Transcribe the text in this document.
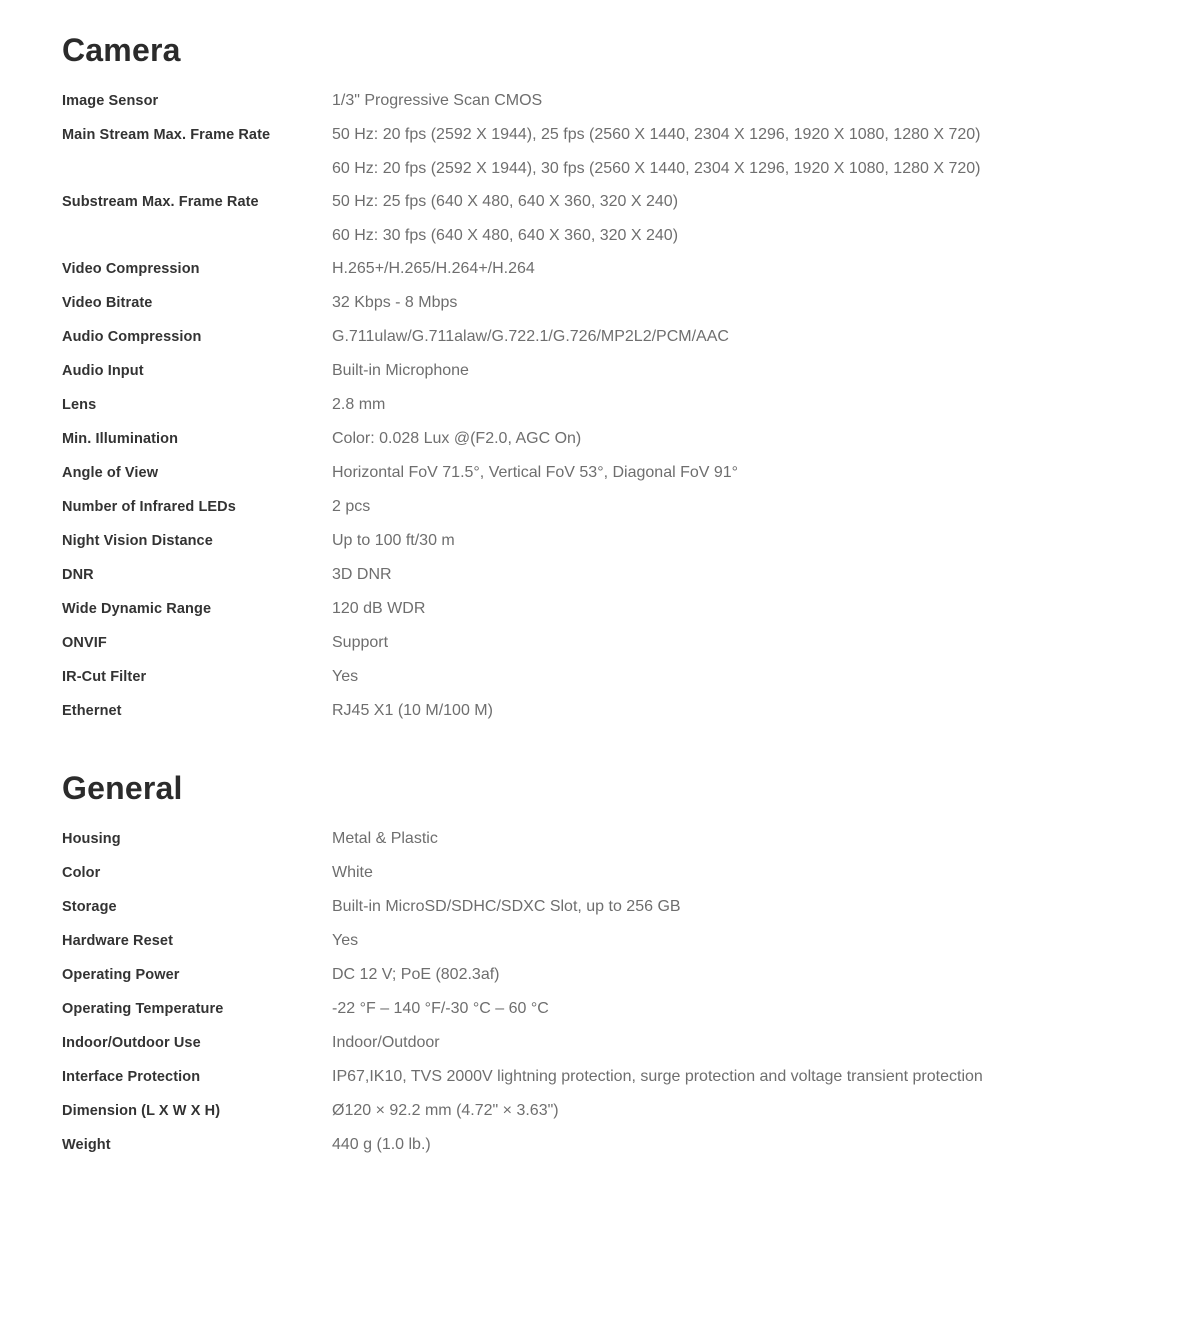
Camera
Image Sensor	1/3" Progressive Scan CMOS
Main Stream Max. Frame Rate	50 Hz: 20 fps (2592 X 1944), 25 fps (2560 X 1440, 2304 X 1296, 1920 X 1080, 1280 X 720)
60 Hz: 20 fps (2592 X 1944), 30 fps (2560 X 1440, 2304 X 1296, 1920 X 1080, 1280 X 720)
Substream Max. Frame Rate	50 Hz: 25 fps (640 X 480, 640 X 360, 320 X 240)
60 Hz: 30 fps (640 X 480, 640 X 360, 320 X 240)
Video Compression	H.265+/H.265/H.264+/H.264
Video Bitrate	32 Kbps - 8 Mbps
Audio Compression	G.711ulaw/G.711alaw/G.722.1/G.726/MP2L2/PCM/AAC
Audio Input	Built-in Microphone
Lens	2.8 mm
Min. Illumination	Color: 0.028 Lux @(F2.0, AGC On)
Angle of View	Horizontal FoV 71.5°, Vertical FoV 53°, Diagonal FoV 91°
Number of Infrared LEDs	2 pcs
Night Vision Distance	Up to 100 ft/30 m
DNR	3D DNR
Wide Dynamic Range	120 dB WDR
ONVIF	Support
IR-Cut Filter	Yes
Ethernet	RJ45 X1 (10 M/100 M)
General
Housing	Metal & Plastic
Color	White
Storage	Built-in MicroSD/SDHC/SDXC Slot, up to 256 GB
Hardware Reset	Yes
Operating Power	DC 12 V; PoE (802.3af)
Operating Temperature	-22 °F – 140 °F/-30 °C – 60 °C
Indoor/Outdoor Use	Indoor/Outdoor
Interface Protection	IP67,IK10, TVS 2000V lightning protection, surge protection and voltage transient protection
Dimension (L X W X H)	Ø120 × 92.2 mm (4.72" × 3.63")
Weight	440 g (1.0 lb.)
